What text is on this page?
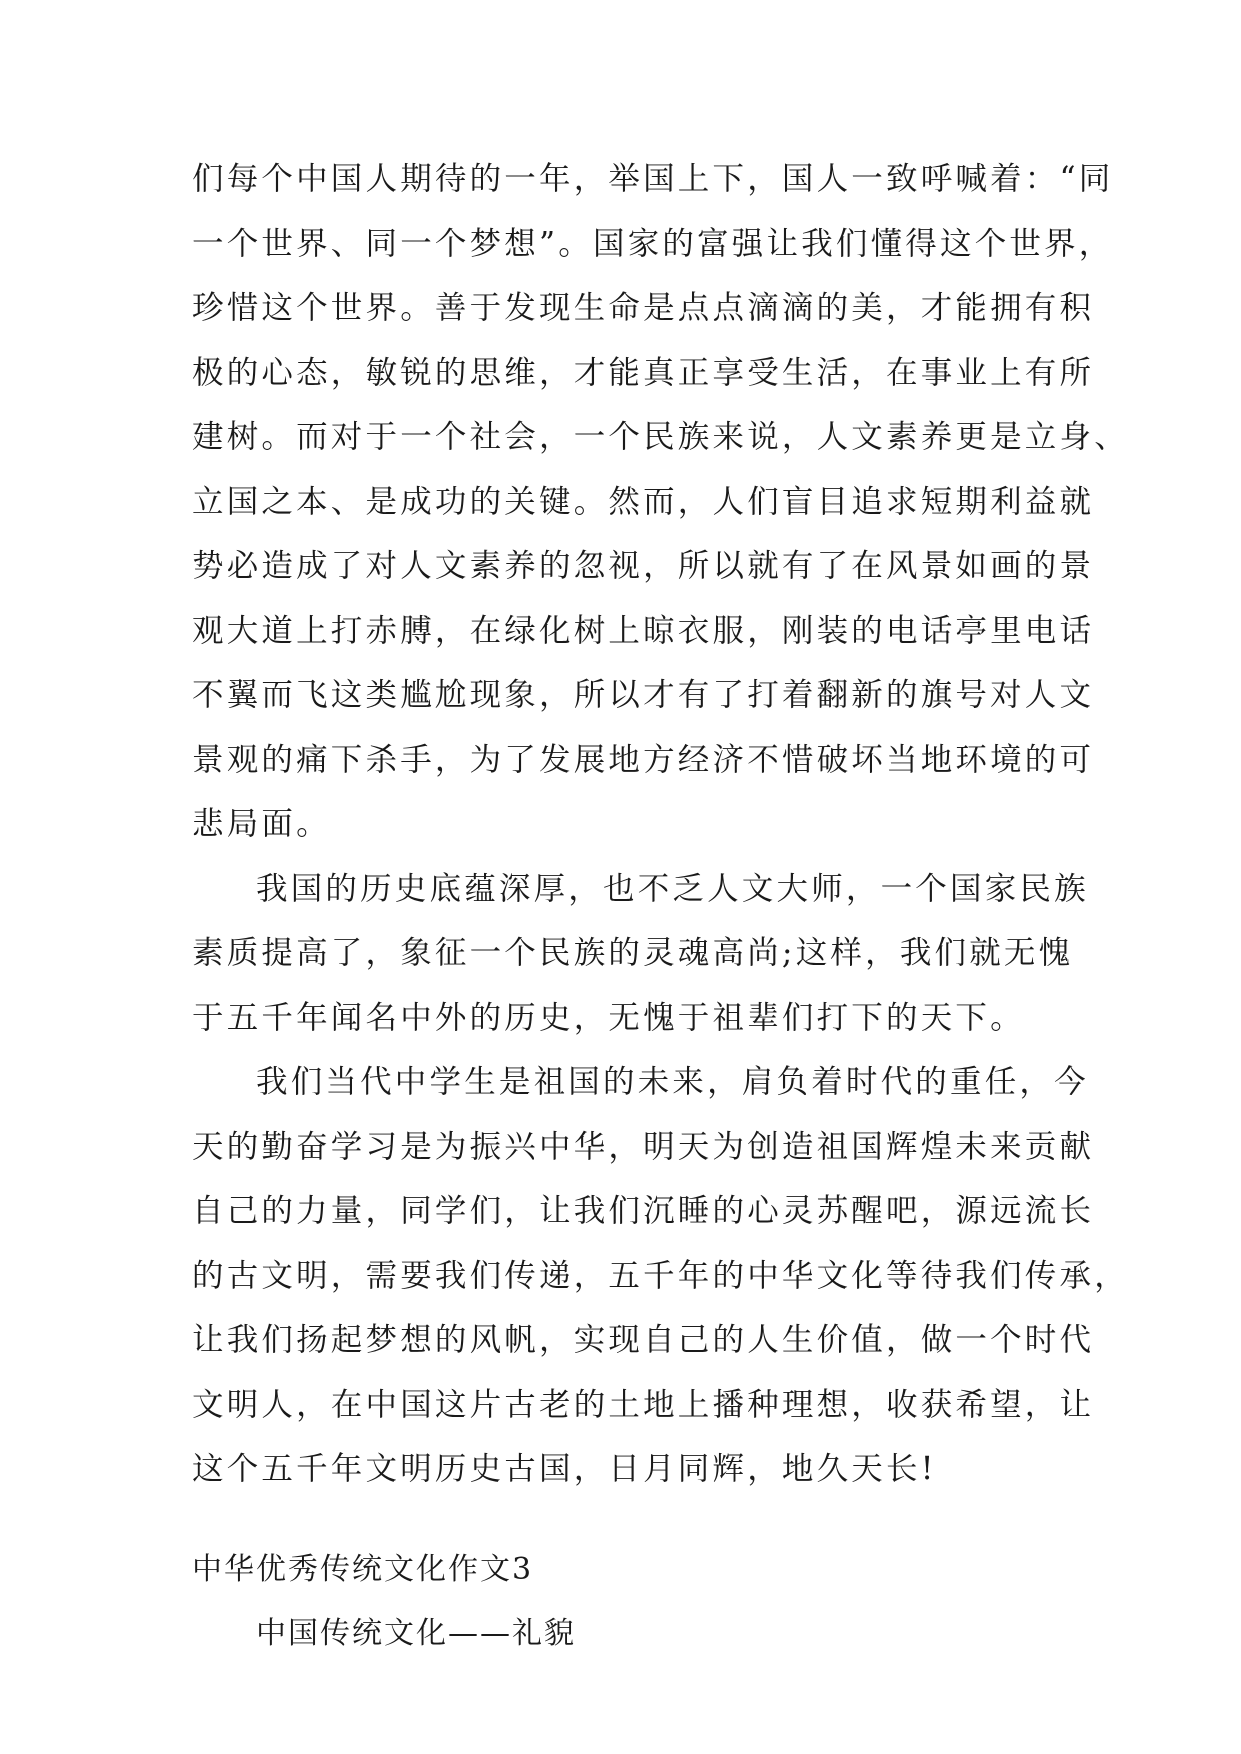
们每个中国人期待的一年，举国上下，国人一致呼喊着：“同
一个世界、同一个梦想”。国家的富强让我们懂得这个世界，
珍惜这个世界。善于发现生命是点点滴滴的美，才能拥有积
极的心态，敏锐的思维，才能真正享受生活，在事业上有所
建树。而对于一个社会，一个民族来说，人文素养更是立身、
立国之本、是成功的关键。然而，人们盲目追求短期利益就
势必造成了对人文素养的忽视，所以就有了在风景如画的景
观大道上打赤膊，在绿化树上晾衣服，刚装的电话亭里电话
不翼而飞这类尴尬现象，所以才有了打着翻新的旗号对人文
景观的痛下杀手，为了发展地方经济不惜破坏当地环境的可
悲局面。
我国的历史底蕴深厚，也不乏人文大师，一个国家民族
素质提高了，象征一个民族的灵魂高尚;这样，我们就无愧
于五千年闻名中外的历史，无愧于祖辈们打下的天下。
我们当代中学生是祖国的未来，肩负着时代的重任，今
天的勤奋学习是为振兴中华，明天为创造祖国辉煌未来贡献
自己的力量，同学们，让我们沉睡的心灵苏醒吧，源远流长
的古文明，需要我们传递，五千年的中华文化等待我们传承，
让我们扬起梦想的风帆，实现自己的人生价值，做一个时代
文明人，在中国这片古老的土地上播种理想，收获希望，让
这个五千年文明历史古国，日月同辉，地久天长!
中华优秀传统文化作文3
中国传统文化——礼貌
